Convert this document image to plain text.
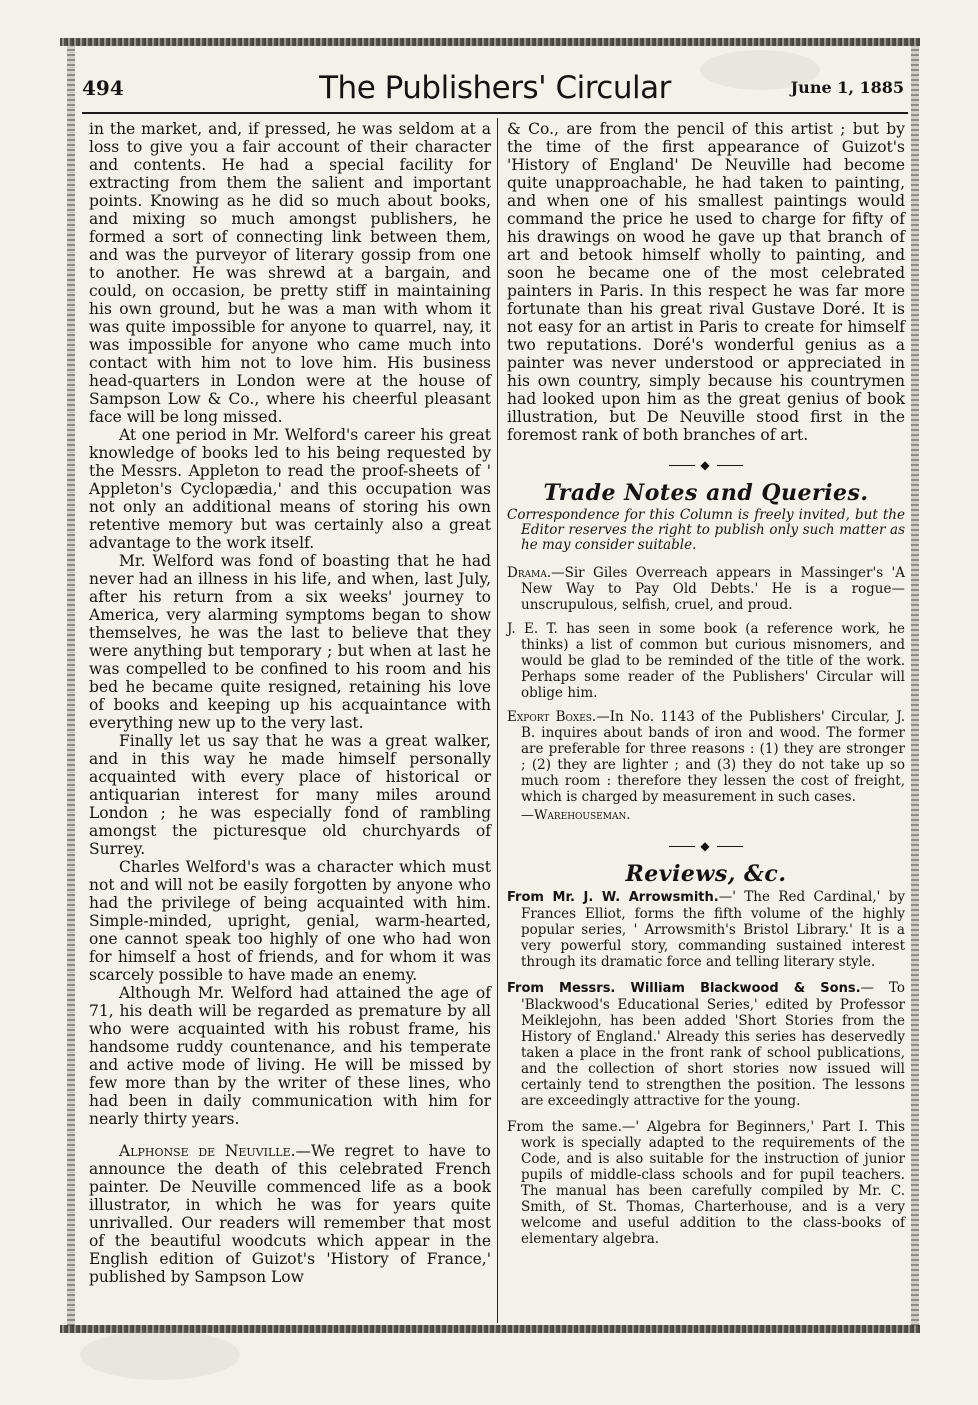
494	The Publishers' Circular	June 1, 1885

in the market, and, if pressed, he was seldom at a loss to give you a fair account of their character and contents. He had a special facility for extracting from them the salient and important points. Knowing as he did so much about books, and mixing so much amongst publishers, he formed a sort of connecting link between them, and was the purveyor of literary gossip from one to another. He was shrewd at a bargain, and could, on occasion, be pretty stiff in maintaining his own ground, but he was a man with whom it was quite impossible for anyone to quarrel, nay, it was impossible for anyone who came much into contact with him not to love him. His business head-quarters in London were at the house of Sampson Low & Co., where his cheerful pleasant face will be long missed.

At one period in Mr. Welford's career his great knowledge of books led to his being requested by the Messrs. Appleton to read the proof-sheets of ' Appleton's Cyclopædia,' and this occupation was not only an additional means of storing his own retentive memory but was certainly also a great advantage to the work itself.

Mr. Welford was fond of boasting that he had never had an illness in his life, and when, last July, after his return from a six weeks' journey to America, very alarming symptoms began to show themselves, he was the last to believe that they were anything but temporary ; but when at last he was compelled to be confined to his room and his bed he became quite resigned, retaining his love of books and keeping up his acquaintance with everything new up to the very last.

Finally let us say that he was a great walker, and in this way he made himself personally acquainted with every place of historical or antiquarian interest for many miles around London ; he was especially fond of rambling amongst the picturesque old churchyards of Surrey.

Charles Welford's was a character which must not and will not be easily forgotten by anyone who had the privilege of being acquainted with him. Simple-minded, upright, genial, warm-hearted, one cannot speak too highly of one who had won for himself a host of friends, and for whom it was scarcely possible to have made an enemy.

Although Mr. Welford had attained the age of 71, his death will be regarded as premature by all who were acquainted with his robust frame, his handsome ruddy countenance, and his temperate and active mode of living. He will be missed by few more than by the writer of these lines, who had been in daily communication with him for nearly thirty years.

Alphonse de Neuville.—We regret to have to announce the death of this celebrated French painter. De Neuville commenced life as a book illustrator, in which he was for years quite unrivalled. Our readers will remember that most of the beautiful woodcuts which appear in the English edition of Guizot's 'History of France,' published by Sampson Low

& Co., are from the pencil of this artist ; but by the time of the first appearance of Guizot's 'History of England' De Neuville had become quite unapproachable, he had taken to painting, and when one of his smallest paintings would command the price he used to charge for fifty of his drawings on wood he gave up that branch of art and betook himself wholly to painting, and soon he became one of the most celebrated painters in Paris. In this respect he was far more fortunate than his great rival Gustave Doré. It is not easy for an artist in Paris to create for himself two reputations. Doré's wonderful genius as a painter was never understood or appreciated in his own country, simply because his countrymen had looked upon him as the great genius of book illustration, but De Neuville stood first in the foremost rank of both branches of art.

◆
Trade Notes and Queries.

Correspondence for this Column is freely invited, but the Editor reserves the right to publish only such matter as he may consider suitable.

Drama.—Sir Giles Overreach appears in Massinger's 'A New Way to Pay Old Debts.' He is a rogue—unscrupulous, selfish, cruel, and proud.

J. E. T. has seen in some book (a reference work, he thinks) a list of common but curious misnomers, and would be glad to be reminded of the title of the work. Perhaps some reader of the Publishers' Circular will oblige him.

Export Boxes.—In No. 1143 of the Publishers' Circular, J. B. inquires about bands of iron and wood. The former are preferable for three reasons : (1) they are stronger ; (2) they are lighter ; and (3) they do not take up so much room : therefore they lessen the cost of freight, which is charged by measurement in such cases.

—Warehouseman.

◆
Reviews, &c.

From Mr. J. W. Arrowsmith.—' The Red Cardinal,' by Frances Elliot, forms the fifth volume of the highly popular series, ' Arrowsmith's Bristol Library.' It is a very powerful story, commanding sustained interest through its dramatic force and telling literary style.

From Messrs. William Blackwood & Sons.— To 'Blackwood's Educational Series,' edited by Professor Meiklejohn, has been added 'Short Stories from the History of England.' Already this series has deservedly taken a place in the front rank of school publications, and the collection of short stories now issued will certainly tend to strengthen the position. The lessons are exceedingly attractive for the young.

From the same.—' Algebra for Beginners,' Part I. This work is specially adapted to the requirements of the Code, and is also suitable for the instruction of junior pupils of middle-class schools and for pupil teachers. The manual has been carefully compiled by Mr. C. Smith, of St. Thomas, Charterhouse, and is a very welcome and useful addition to the class-books of elementary algebra.
